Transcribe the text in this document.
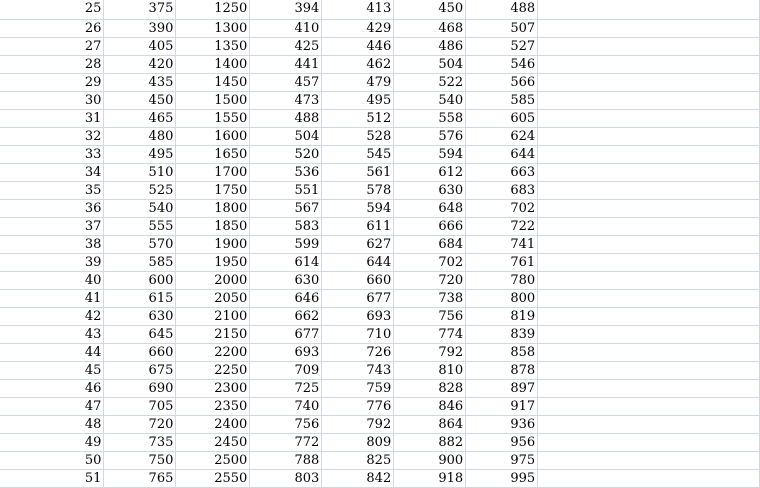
25	375	1250	394	413	450	488	
26	390	1300	410	429	468	507	
27	405	1350	425	446	486	527	
28	420	1400	441	462	504	546	
29	435	1450	457	479	522	566	
30	450	1500	473	495	540	585	
31	465	1550	488	512	558	605	
32	480	1600	504	528	576	624	
33	495	1650	520	545	594	644	
34	510	1700	536	561	612	663	
35	525	1750	551	578	630	683	
36	540	1800	567	594	648	702	
37	555	1850	583	611	666	722	
38	570	1900	599	627	684	741	
39	585	1950	614	644	702	761	
40	600	2000	630	660	720	780	
41	615	2050	646	677	738	800	
42	630	2100	662	693	756	819	
43	645	2150	677	710	774	839	
44	660	2200	693	726	792	858	
45	675	2250	709	743	810	878	
46	690	2300	725	759	828	897	
47	705	2350	740	776	846	917	
48	720	2400	756	792	864	936	
49	735	2450	772	809	882	956	
50	750	2500	788	825	900	975	
51	765	2550	803	842	918	995	
